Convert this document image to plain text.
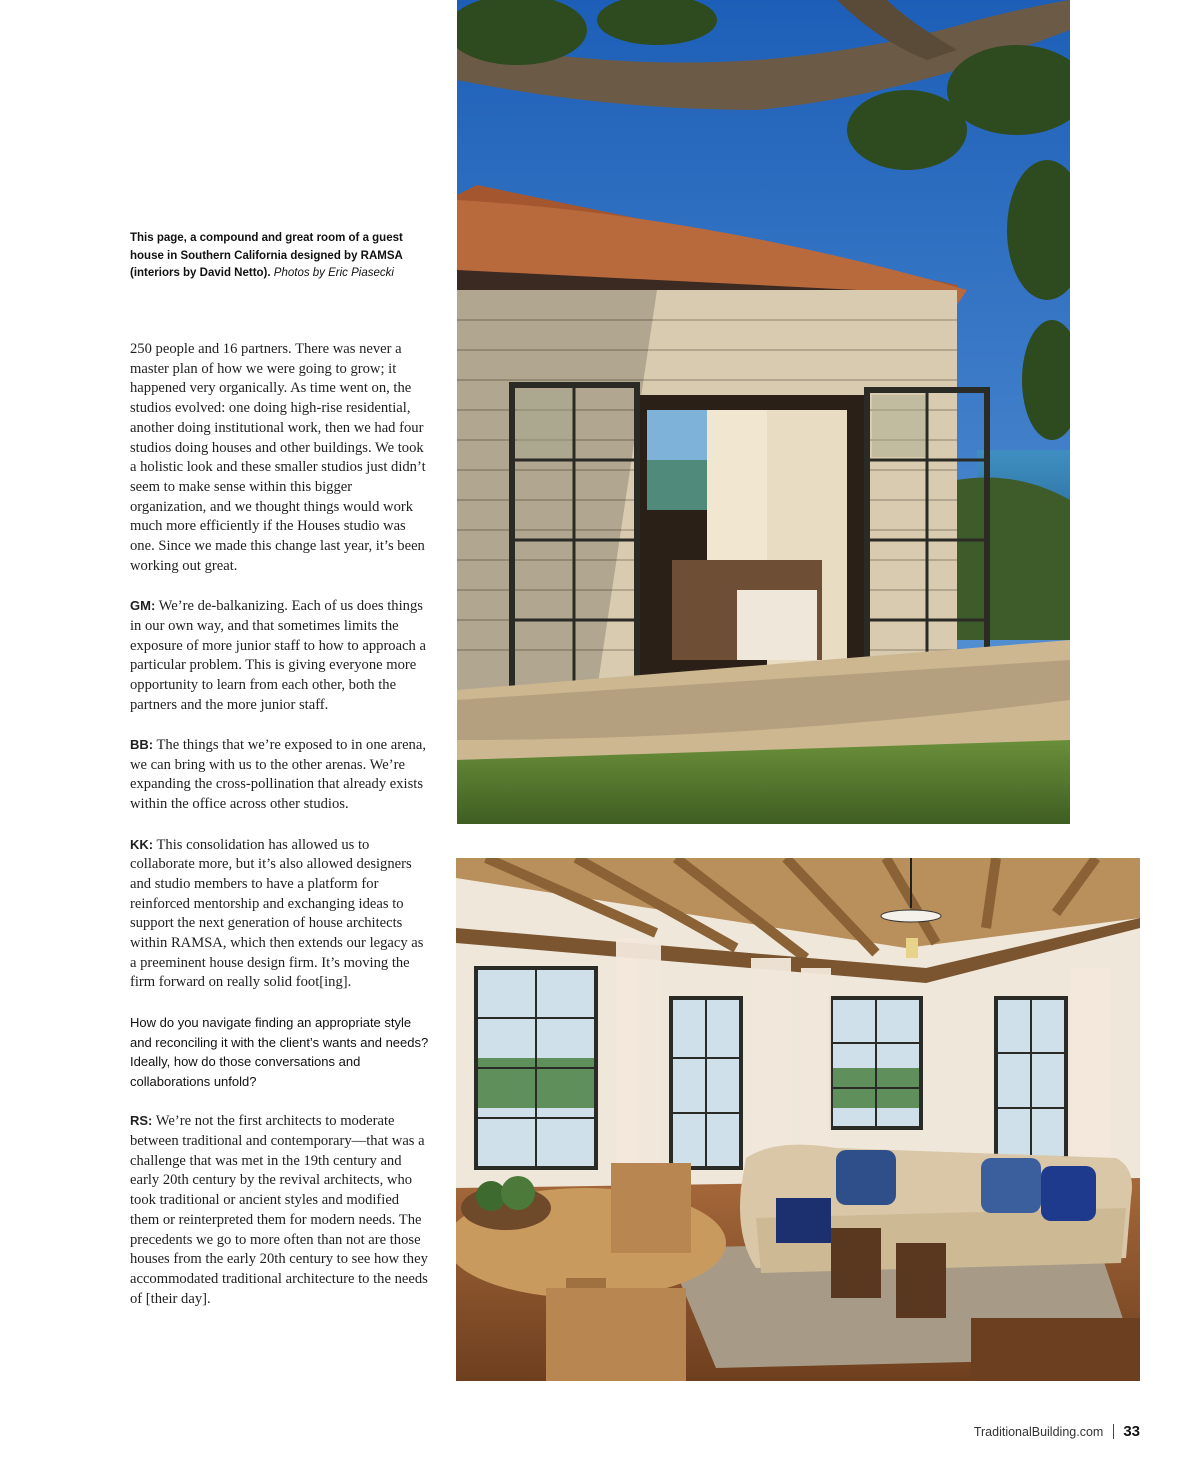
This page, a compound and great room of a guest house in Southern California designed by RAMSA (interiors by David Netto). Photos by Eric Piasecki

250 people and 16 partners. There was never a master plan of how we were going to grow; it happened very organically. As time went on, the studios evolved: one doing high-rise residential, another doing institutional work, then we had four studios doing houses and other buildings. We took a holistic look and these smaller studios just didn’t seem to make sense within this bigger organization, and we thought things would work much more efficiently if the Houses studio was one. Since we made this change last year, it’s been working out great.

GM: We’re de-balkanizing. Each of us does things in our own way, and that sometimes limits the exposure of more junior staff to how to approach a particular problem. This is giving everyone more opportunity to learn from each other, both the partners and the more junior staff.

BB: The things that we’re exposed to in one arena, we can bring with us to the other arenas. We’re expanding the cross-pollination that already exists within the office across other studios.

KK: This consolidation has allowed us to collaborate more, but it’s also allowed designers and studio members to have a platform for reinforced mentorship and exchanging ideas to support the next generation of house architects within RAMSA, which then extends our legacy as a preeminent house design firm. It’s moving the firm forward on really solid foot[ing].

How do you navigate finding an appropriate style and reconciling it with the client’s wants and needs? Ideally, how do those conversations and collaborations unfold?

RS: We’re not the first architects to moderate between traditional and contemporary—that was a challenge that was met in the 19th century and early 20th century by the revival architects, who took traditional or ancient styles and modified them or reinterpreted them for modern needs. The precedents we go to more often than not are those houses from the early 20th century to see how they accommodated traditional architecture to the needs of [their day].

TraditionalBuilding.com 33
